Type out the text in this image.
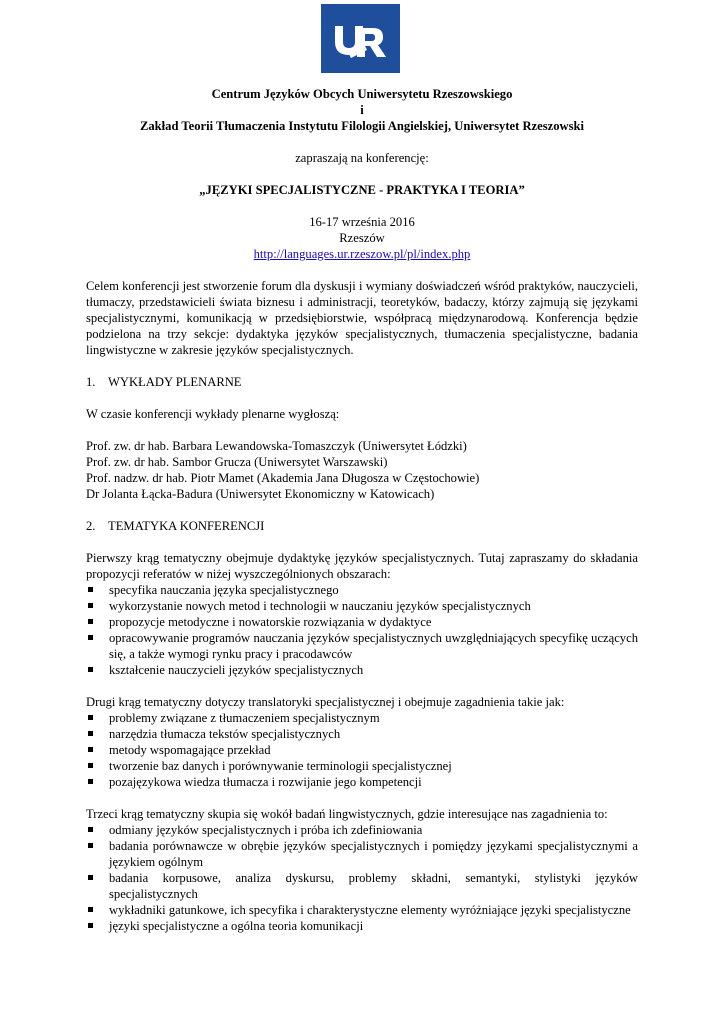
Centrum Języków Obcych Uniwersytetu Rzeszowskiego

i

Zakład Teorii Tłumaczenia Instytutu Filologii Angielskiej, Uniwersytet Rzeszowski

zapraszają na konferencję:

„JĘZYKI SPECJALISTYCZNE - PRAKTYKA I TEORIA”

16-17 września 2016

Rzeszów

http://languages.ur.rzeszow.pl/pl/index.php

Celem konferencji jest stworzenie forum dla dyskusji i wymiany doświadczeń wśród praktyków, nauczycieli, tłumaczy, przedstawicieli świata biznesu i administracji, teoretyków, badaczy, którzy zajmują się językami specjalistycznymi, komunikacją w przedsiębiorstwie, współpracą międzynarodową. Konferencja będzie podzielona na trzy sekcje: dydaktyka języków specjalistycznych, tłumaczenia specjalistyczne, badania lingwistyczne w zakresie języków specjalistycznych.

1. WYKŁADY PLENARNE

W czasie konferencji wykłady plenarne wygłoszą:

Prof. zw. dr hab. Barbara Lewandowska-Tomaszczyk (Uniwersytet Łódzki)

Prof. zw. dr hab. Sambor Grucza (Uniwersytet Warszawski)

Prof. nadzw. dr hab. Piotr Mamet (Akademia Jana Długosza w Częstochowie)

Dr Jolanta Łącka-Badura (Uniwersytet Ekonomiczny w Katowicach)

2. TEMATYKA KONFERENCJI

Pierwszy krąg tematyczny obejmuje dydaktykę języków specjalistycznych. Tutaj zapraszamy do składania propozycji referatów w niżej wyszczególnionych obszarach:

specyfika nauczania języka specjalistycznego
wykorzystanie nowych metod i technologii w nauczaniu języków specjalistycznych
propozycje metodyczne i nowatorskie rozwiązania w dydaktyce
opracowywanie programów nauczania języków specjalistycznych uwzględniających specyfikę uczących się, a także wymogi rynku pracy i pracodawców
kształcenie nauczycieli języków specjalistycznych

Drugi krąg tematyczny dotyczy translatoryki specjalistycznej i obejmuje zagadnienia takie jak:

problemy związane z tłumaczeniem specjalistycznym
narzędzia tłumacza tekstów specjalistycznych
metody wspomagające przekład
tworzenie baz danych i porównywanie terminologii specjalistycznej
pozajęzykowa wiedza tłumacza i rozwijanie jego kompetencji

Trzeci krąg tematyczny skupia się wokół badań lingwistycznych, gdzie interesujące nas zagadnienia to:

odmiany języków specjalistycznych i próba ich zdefiniowania
badania porównawcze w obrębie języków specjalistycznych i pomiędzy językami specjalistycznymi a językiem ogólnym
badania korpusowe, analiza dyskursu, problemy składni, semantyki, stylistyki języków specjalistycznych
wykładniki gatunkowe, ich specyfika i charakterystyczne elementy wyróżniające języki specjalistyczne
języki specjalistyczne a ogólna teoria komunikacji
